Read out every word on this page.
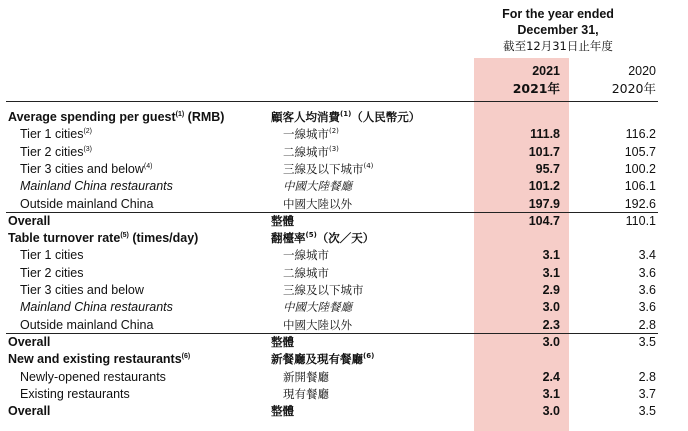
For the year ended
December 31,
截至12月31日止年度
2021
2021年
2020
2020年
Average spending per guest$^{(1)}$ (RMB)	顧客人均消費$^{(1)}$（人民幣元）
Tier 1 cities$^{(2)}$	一線城市$^{(2)}$	111.8	116.2
Tier 2 cities$^{(3)}$	二線城市$^{(3)}$	101.7	105.7
Tier 3 cities and below$^{(4)}$	三線及以下城市$^{(4)}$	95.7	100.2
Mainland China restaurants	中國大陸餐廳	101.2	106.1
Outside mainland China	中國大陸以外	197.9	192.6
Overall	整體	104.7	110.1
Table turnover rate$^{(5)}$ (times/day)	翻檯率$^{(5)}$（次／天）
Tier 1 cities	一線城市	3.1	3.4
Tier 2 cities	二線城市	3.1	3.6
Tier 3 cities and below	三線及以下城市	2.9	3.6
Mainland China restaurants	中國大陸餐廳	3.0	3.6
Outside mainland China	中國大陸以外	2.3	2.8
Overall	整體	3.0	3.5
New and existing restaurants$^{(6)}$	新餐廳及現有餐廳$^{(6)}$
Newly-opened restaurants	新開餐廳	2.4	2.8
Existing restaurants	現有餐廳	3.1	3.7
Overall	整體	3.0	3.5
